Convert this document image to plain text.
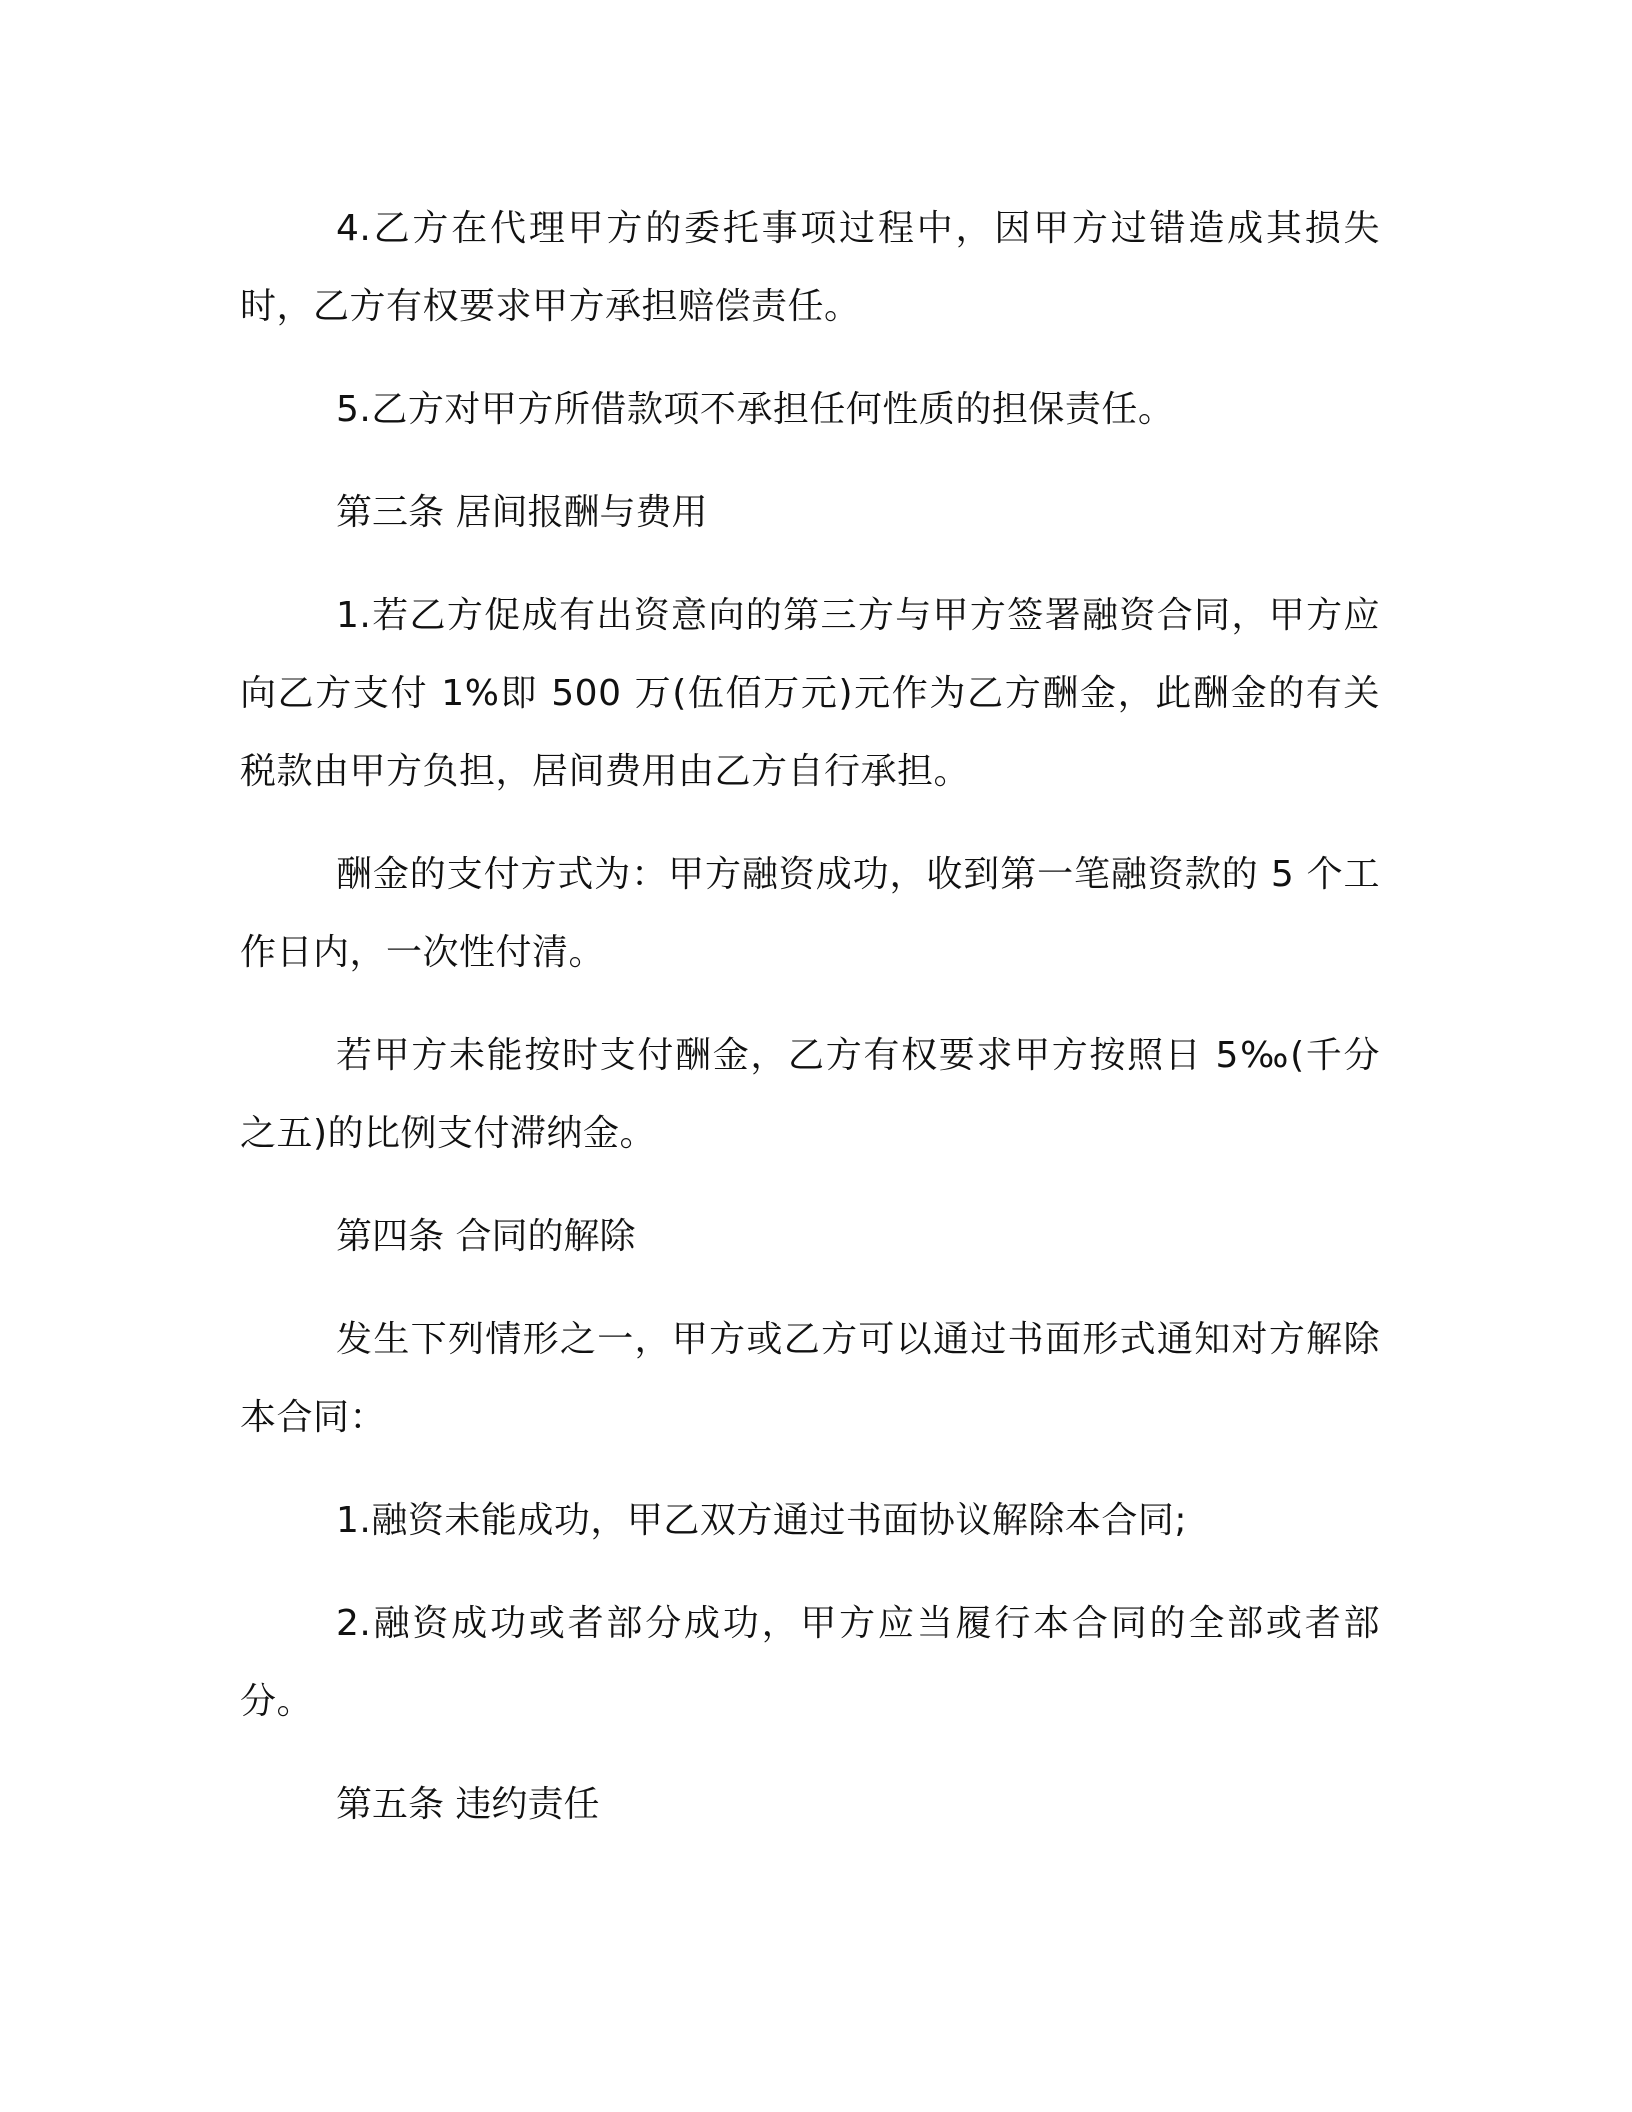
4.乙方在代理甲方的委托事项过程中，因甲方过错造成其损失时，乙方有权要求甲方承担赔偿责任。

5.乙方对甲方所借款项不承担任何性质的担保责任。

第三条 居间报酬与费用

1.若乙方促成有出资意向的第三方与甲方签署融资合同，甲方应向乙方支付 1%即 500 万(伍佰万元)元作为乙方酬金，此酬金的有关税款由甲方负担，居间费用由乙方自行承担。

酬金的支付方式为：甲方融资成功，收到第一笔融资款的 5 个工作日内，一次性付清。

若甲方未能按时支付酬金，乙方有权要求甲方按照日 5‰(千分之五)的比例支付滞纳金。

第四条 合同的解除

发生下列情形之一，甲方或乙方可以通过书面形式通知对方解除本合同：

1.融资未能成功，甲乙双方通过书面协议解除本合同;

2.融资成功或者部分成功，甲方应当履行本合同的全部或者部分。

第五条 违约责任
